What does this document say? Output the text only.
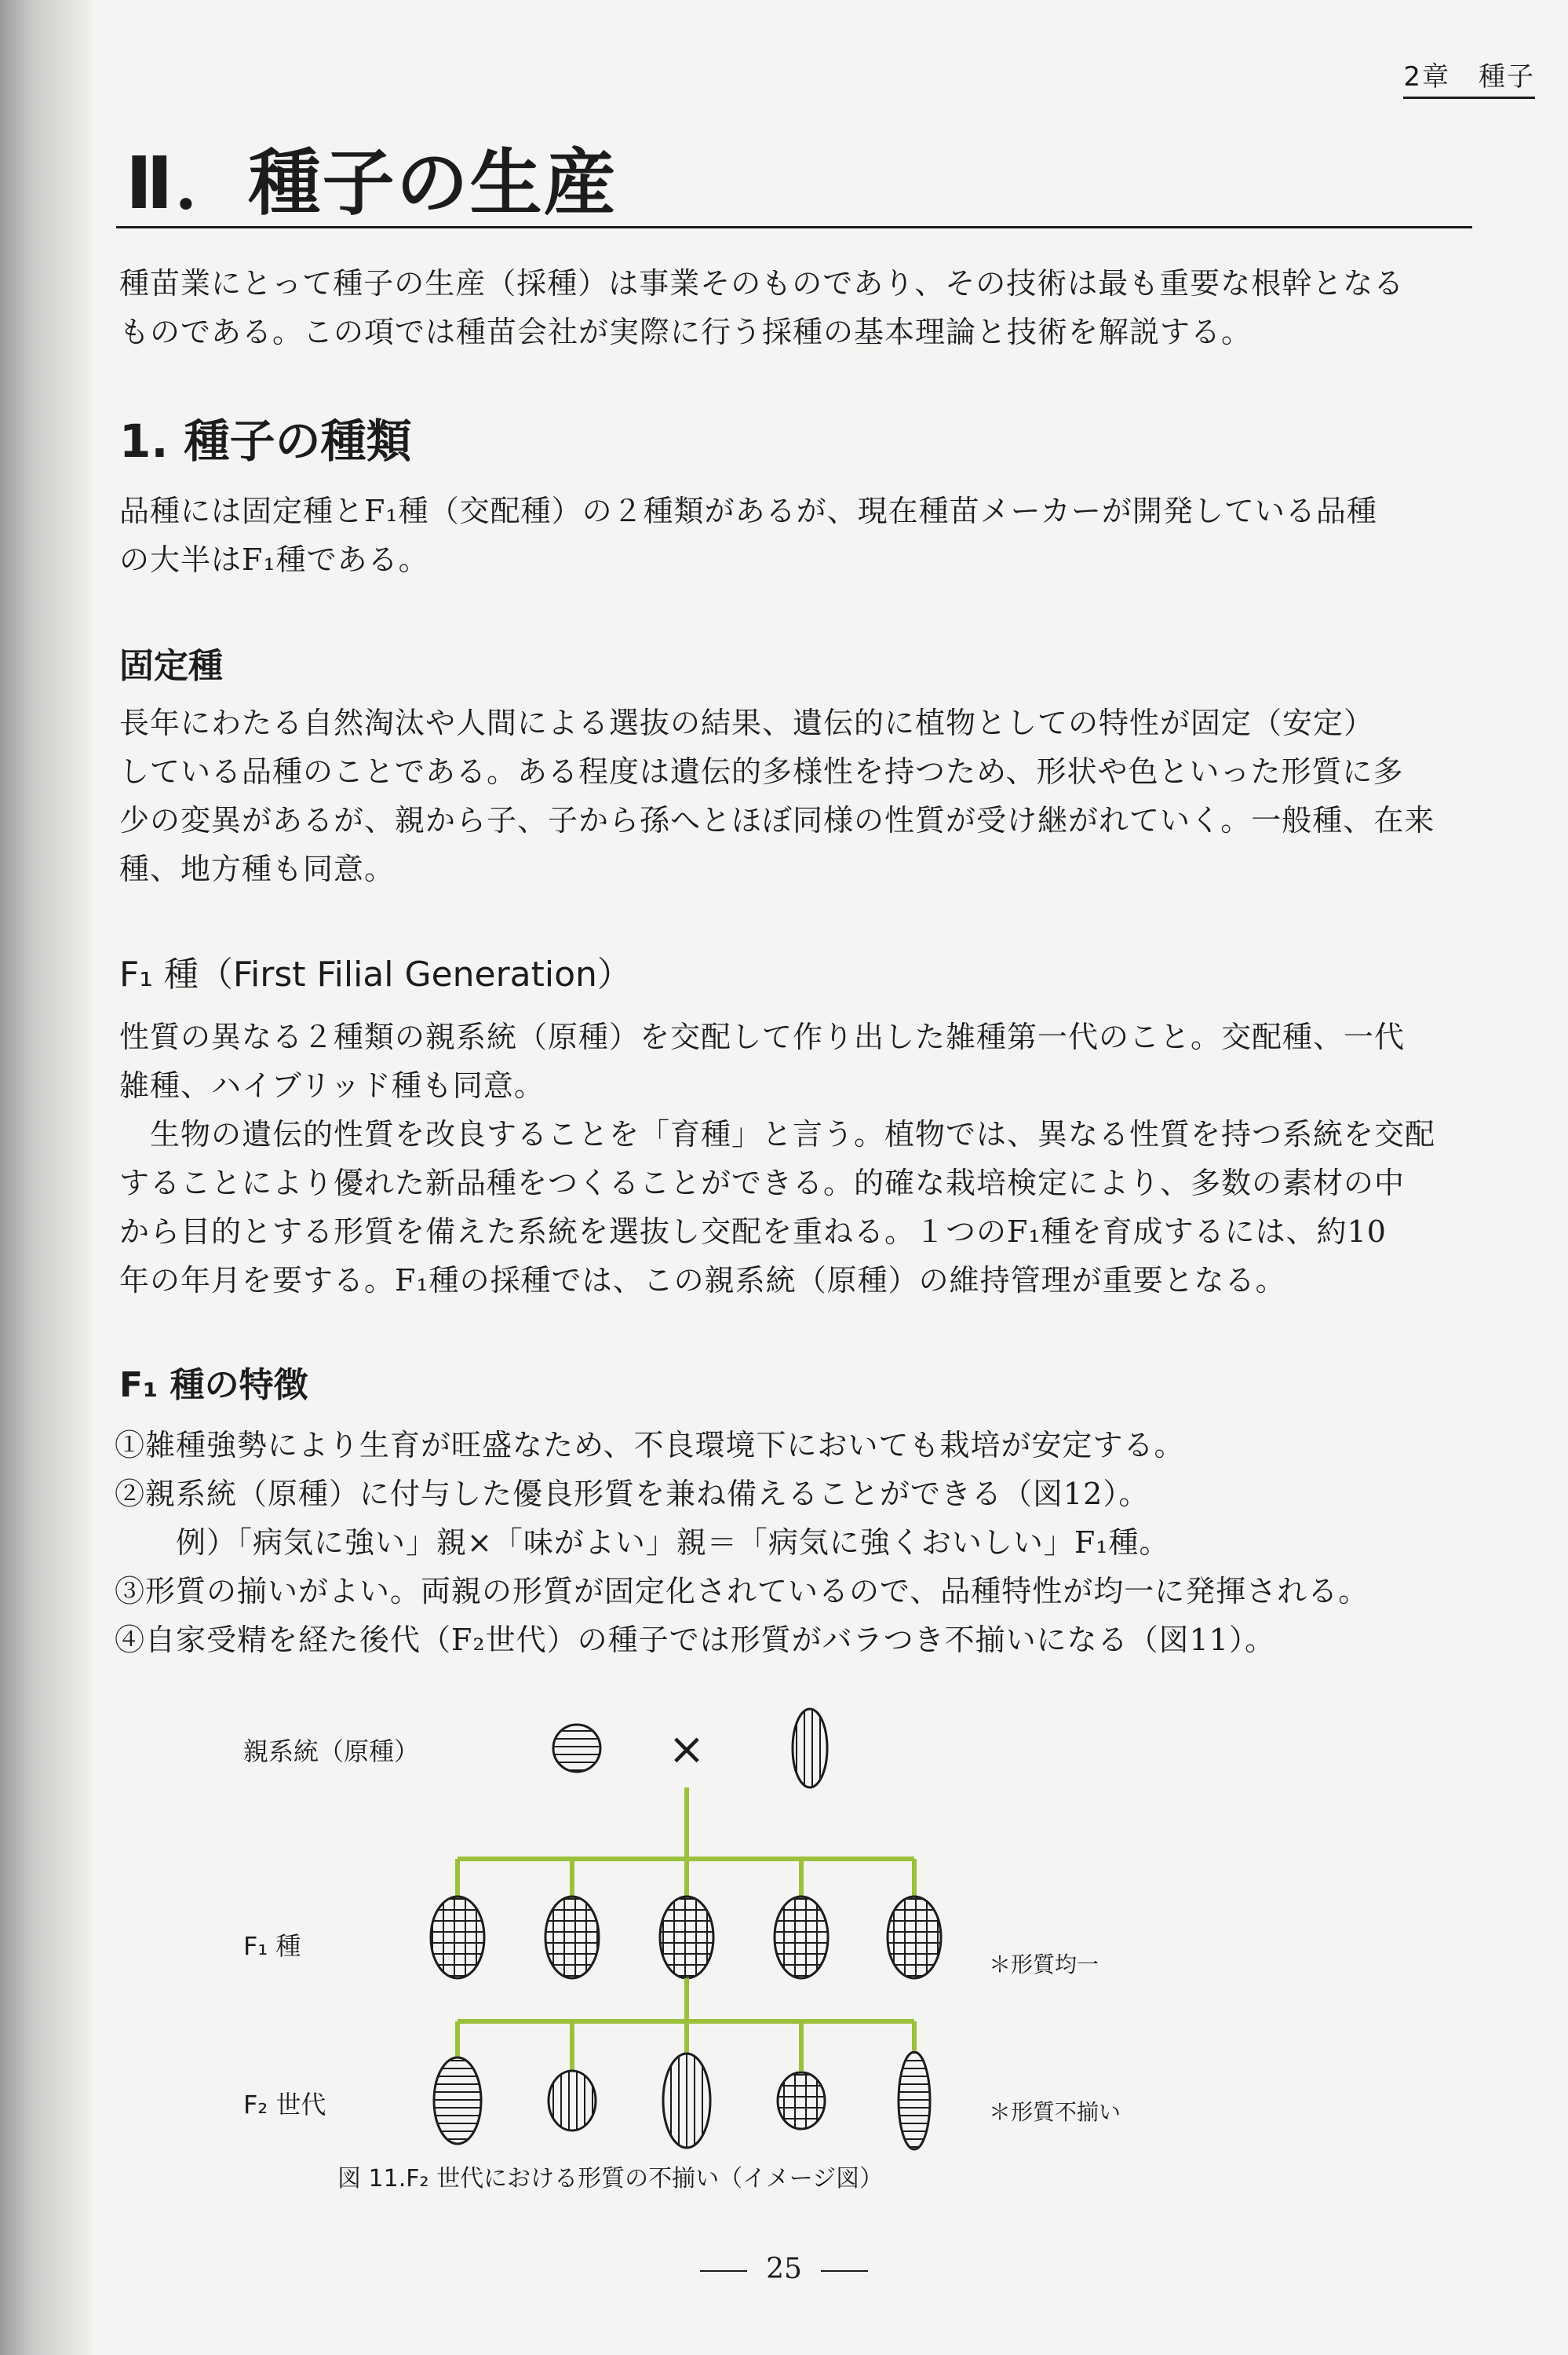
2章　種子
Ⅱ．種子の生産

種苗業にとって種子の生産（採種）は事業そのものであり、その技術は最も重要な根幹となる
ものである。この項では種苗会社が実際に行う採種の基本理論と技術を解説する。

1. 種子の種類

品種には固定種とF₁種（交配種）の２種類があるが、現在種苗メーカーが開発している品種
の大半はF₁種である。

固定種

長年にわたる自然淘汰や人間による選抜の結果、遺伝的に植物としての特性が固定（安定）
している品種のことである。ある程度は遺伝的多様性を持つため、形状や色といった形質に多
少の変異があるが、親から子、子から孫へとほぼ同様の性質が受け継がれていく。一般種、在来
種、地方種も同意。

F₁ 種（First Filial Generation）

性質の異なる２種類の親系統（原種）を交配して作り出した雑種第一代のこと。交配種、一代
雑種、ハイブリッド種も同意。
　生物の遺伝的性質を改良することを「育種」と言う。植物では、異なる性質を持つ系統を交配
することにより優れた新品種をつくることができる。的確な栽培検定により、多数の素材の中
から目的とする形質を備えた系統を選抜し交配を重ねる。１つのF₁種を育成するには、約10
年の年月を要する。F₁種の採種では、この親系統（原種）の維持管理が重要となる。

F₁ 種の特徴
①雑種強勢により生育が旺盛なため、不良環境下においても栽培が安定する。
②親系統（原種）に付与した優良形質を兼ね備えることができる（図12）。
　　例）「病気に強い」親×「味がよい」親＝「病気に強くおいしい」F₁種。
③形質の揃いがよい。両親の形質が固定化されているので、品種特性が均一に発揮される。
④自家受精を経た後代（F₂世代）の種子では形質がバラつき不揃いになる（図11）。
親系統（原種）
F₁ 種
F₂ 世代
＊形質均一
＊形質不揃い
×
図 11.F₂ 世代における形質の不揃い（イメージ図）
25
